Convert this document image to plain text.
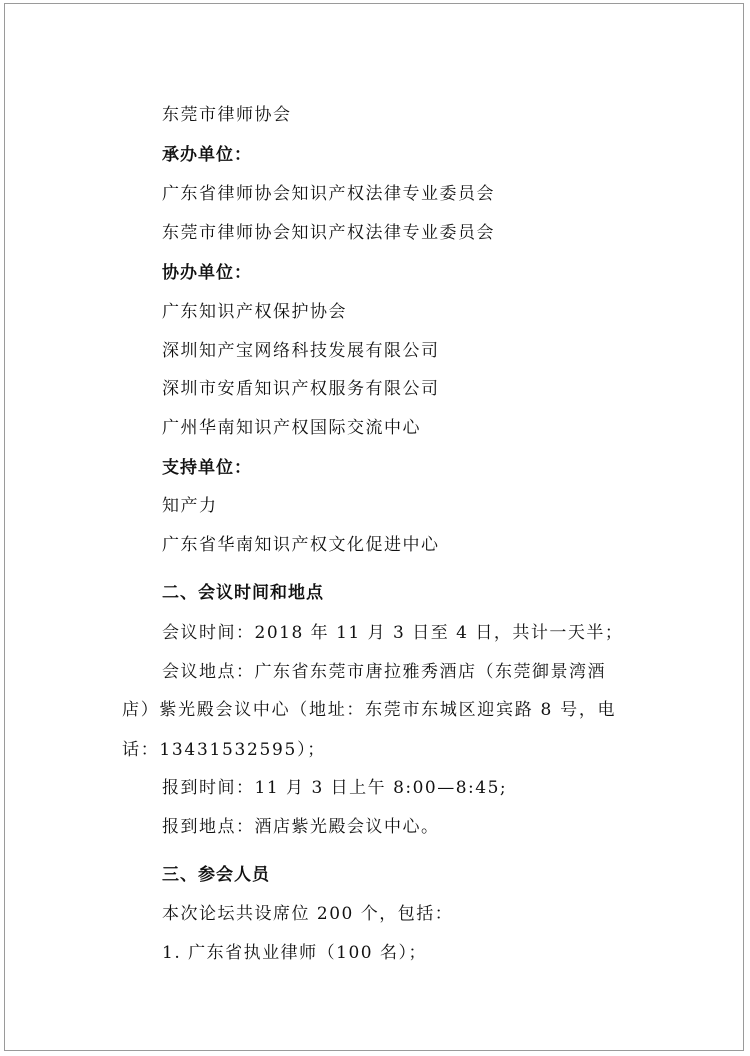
东莞市律师协会
承办单位：
广东省律师协会知识产权法律专业委员会
东莞市律师协会知识产权法律专业委员会
协办单位：
广东知识产权保护协会
深圳知产宝网络科技发展有限公司
深圳市安盾知识产权服务有限公司
广州华南知识产权国际交流中心
支持单位：
知产力
广东省华南知识产权文化促进中心
二、会议时间和地点
会议时间：2018 年 11 月 3 日至 4 日，共计一天半；
会议地点：广东省东莞市唐拉雅秀酒店（东莞御景湾酒
店）紫光殿会议中心（地址：东莞市东城区迎宾路 8 号，电
话：13431532595）；
报到时间：11 月 3 日上午 8:00—8:45;
报到地点：酒店紫光殿会议中心。
三、参会人员
本次论坛共设席位 200 个，包括：
1. 广东省执业律师（100 名）；
